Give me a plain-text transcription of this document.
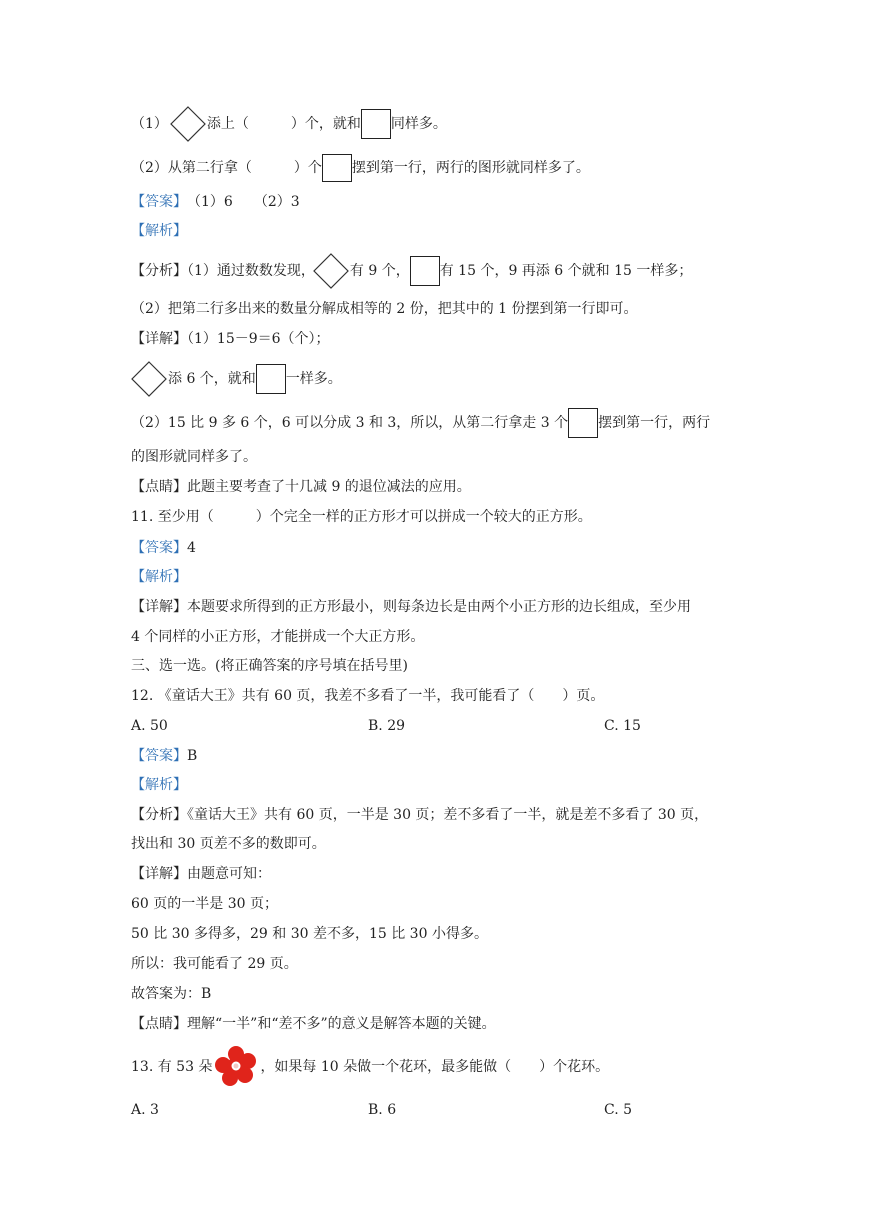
（1）	添上（　　　）个，就和 同样多。
（2）从第二行拿（　　　）个 摆到第一行，两行的图形就同样多了。
【答案】 （1）6　　（2）3
【解析】
【分析】（1）通过数数发现，	有 9 个， 有 15 个，9 再添 6 个就和 15 一样多；
（2）把第二行多出来的数量分解成相等的 2 份，把其中的 1 份摆到第一行即可。
【详解】（1）15－9＝6（个）；
添 6 个，就和 一样多。
（2）15 比 9 多 6 个，6 可以分成 3 和 3，所以，从第二行拿走 3 个 摆到第一行，两行
的图形就同样多了。
【点睛】此题主要考查了十几减 9 的退位减法的应用。
11. 至少用（　　　）个完全一样的正方形才可以拼成一个较大的正方形。
【答案】 4
【解析】
【详解】本题要求所得到的正方形最小，则每条边长是由两个小正方形的边长组成，至少用
4 个同样的小正方形，才能拼成一个大正方形。
三、选一选。(将正确答案的序号填在括号里)
12. 《童话大王》共有 60 页，我差不多看了一半，我可能看了（　　）页。
A. 50	B. 29	C. 15
【答案】 B
【解析】
【分析】《童话大王》共有 60 页，一半是 30 页；差不多看了一半，就是差不多看了 30 页，
找出和 30 页差不多的数即可。
【详解】由题意可知：
60 页的一半是 30 页；
50 比 30 多得多，29 和 30 差不多，15 比 30 小得多。
所以：我可能看了 29 页。
故答案为：B
【点睛】理解“一半”和“差不多”的意义是解答本题的关键。
13. 有 53 朵	，如果每 10 朵做一个花环，最多能做（　　）个花环。
A. 3	B. 6	C. 5
